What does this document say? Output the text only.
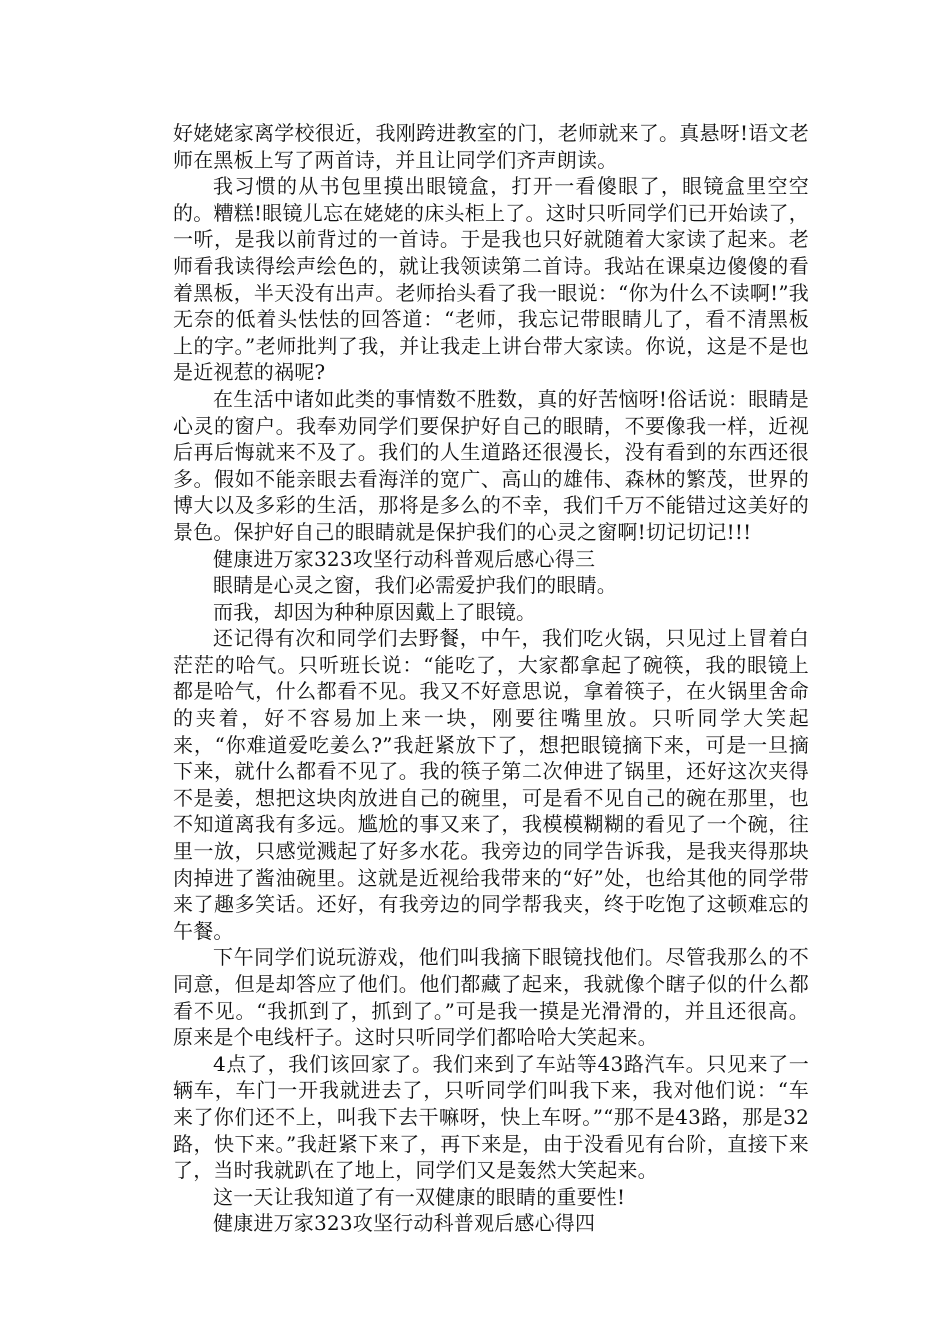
好姥姥家离学校很近，我刚跨进教室的门，老师就来了。真悬呀!语文老师在黑板上写了两首诗，并且让同学们齐声朗读。

我习惯的从书包里摸出眼镜盒，打开一看傻眼了，眼镜盒里空空的。糟糕!眼镜儿忘在姥姥的床头柜上了。这时只听同学们已开始读了，一听，是我以前背过的一首诗。于是我也只好就随着大家读了起来。老师看我读得绘声绘色的，就让我领读第二首诗。我站在课桌边傻傻的看着黑板，半天没有出声。老师抬头看了我一眼说：“你为什么不读啊!”我无奈的低着头怯怯的回答道：“老师，我忘记带眼睛儿了，看不清黑板上的字。”老师批判了我，并让我走上讲台带大家读。你说，这是不是也是近视惹的祸呢?

在生活中诸如此类的事情数不胜数，真的好苦恼呀!俗话说：眼睛是心灵的窗户。我奉劝同学们要保护好自己的眼睛，不要像我一样，近视后再后悔就来不及了。我们的人生道路还很漫长，没有看到的东西还很多。假如不能亲眼去看海洋的宽广、高山的雄伟、森林的繁茂，世界的博大以及多彩的生活，那将是多么的不幸，我们千万不能错过这美好的景色。保护好自己的眼睛就是保护我们的心灵之窗啊!切记切记!!!

健康进万家323攻坚行动科普观后感心得三

眼睛是心灵之窗，我们必需爱护我们的眼睛。

而我，却因为种种原因戴上了眼镜。

还记得有次和同学们去野餐，中午，我们吃火锅，只见过上冒着白茫茫的哈气。只听班长说：“能吃了，大家都拿起了碗筷，我的眼镜上都是哈气，什么都看不见。我又不好意思说，拿着筷子，在火锅里舍命的夹着，好不容易加上来一块，刚要往嘴里放。只听同学大笑起来，“你难道爱吃姜么?”我赶紧放下了，想把眼镜摘下来，可是一旦摘下来，就什么都看不见了。我的筷子第二次伸进了锅里，还好这次夹得不是姜，想把这块肉放进自己的碗里，可是看不见自己的碗在那里，也不知道离我有多远。尴尬的事又来了，我模模糊糊的看见了一个碗，往里一放，只感觉溅起了好多水花。我旁边的同学告诉我，是我夹得那块肉掉进了酱油碗里。这就是近视给我带来的“好”处，也给其他的同学带来了趣多笑话。还好，有我旁边的同学帮我夹，终于吃饱了这顿难忘的午餐。

下午同学们说玩游戏，他们叫我摘下眼镜找他们。尽管我那么的不同意，但是却答应了他们。他们都藏了起来，我就像个瞎子似的什么都看不见。“我抓到了，抓到了。”可是我一摸是光滑滑的，并且还很高。原来是个电线杆子。这时只听同学们都哈哈大笑起来。

4点了，我们该回家了。我们来到了车站等43路汽车。只见来了一辆车，车门一开我就进去了，只听同学们叫我下来，我对他们说：“车来了你们还不上，叫我下去干嘛呀，快上车呀。”“那不是43路，那是32路，快下来。”我赶紧下来了，再下来是，由于没看见有台阶，直接下来了，当时我就趴在了地上，同学们又是轰然大笑起来。

这一天让我知道了有一双健康的眼睛的重要性!

健康进万家323攻坚行动科普观后感心得四
